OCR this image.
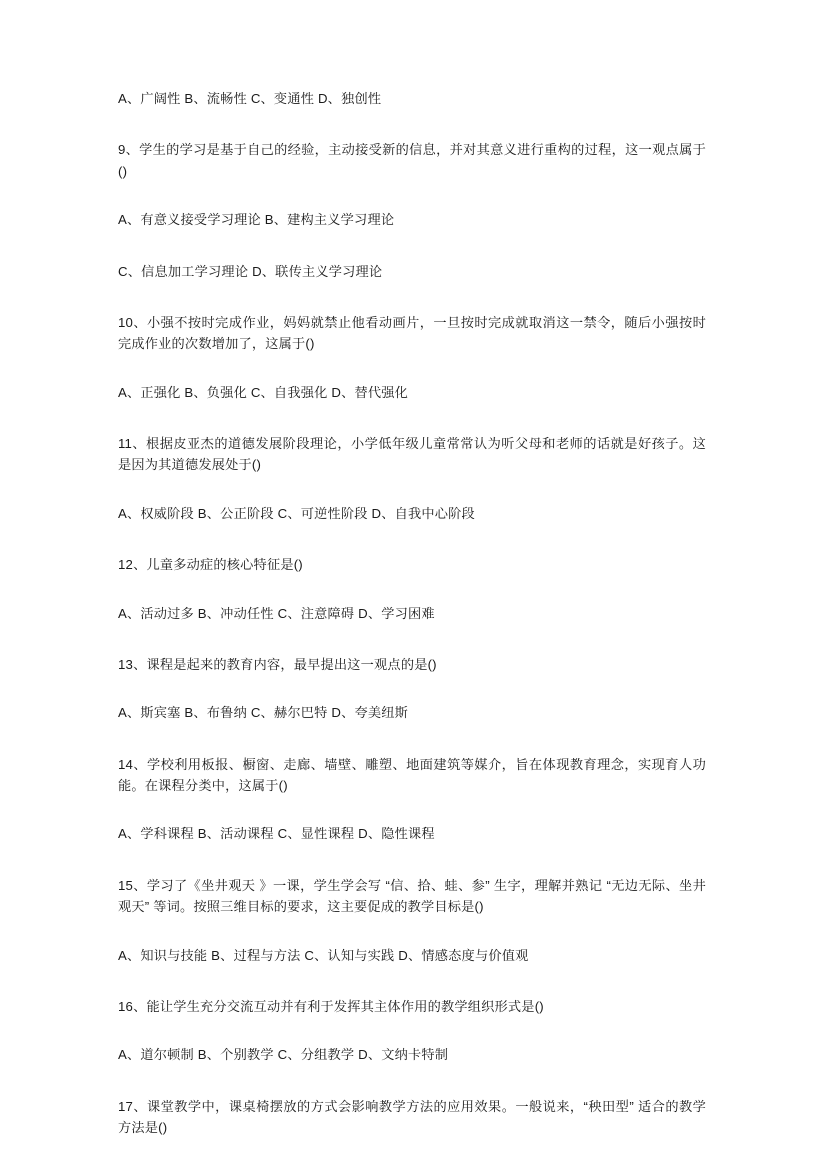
A、广阔性 B、流畅性 C、变通性 D、独创性

9、学生的学习是基于自己的经验，主动接受新的信息，并对其意义进行重构的过程，这一观点属于()

A、有意义接受学习理论 B、建构主义学习理论

C、信息加工学习理论 D、联传主义学习理论

10、小强不按时完成作业，妈妈就禁止他看动画片，一旦按时完成就取消这一禁令，随后小强按时完成作业的次数增加了，这属于()

A、正强化 B、负强化 C、自我强化 D、替代强化

11、根据皮亚杰的道德发展阶段理论，小学低年级儿童常常认为听父母和老师的话就是好孩子。这是因为其道德发展处于()

A、权威阶段 B、公正阶段 C、可逆性阶段 D、自我中心阶段

12、儿童多动症的核心特征是()

A、活动过多 B、冲动任性 C、注意障碍 D、学习困难

13、课程是起来的教育内容，最早提出这一观点的是()

A、斯宾塞 B、布鲁纳 C、赫尔巴特 D、夸美纽斯

14、学校利用板报、橱窗、走廊、墙壁、雕塑、地面建筑等媒介，旨在体现教育理念，实现育人功能。在课程分类中，这属于()

A、学科课程 B、活动课程 C、显性课程 D、隐性课程

15、学习了《坐井观天 》一课，学生学会写 “信、拾、蛙、参” 生字，理解并熟记 “无边无际、坐井观天” 等词。按照三维目标的要求，这主要促成的教学目标是()

A、知识与技能 B、过程与方法 C、认知与实践 D、情感态度与价值观

16、能让学生充分交流互动并有利于发挥其主体作用的教学组织形式是()

A、道尔顿制 B、个别教学 C、分组教学 D、文纳卡特制

17、课堂教学中，课桌椅摆放的方式会影响教学方法的应用效果。一般说来，“秧田型” 适合的教学方法是()
